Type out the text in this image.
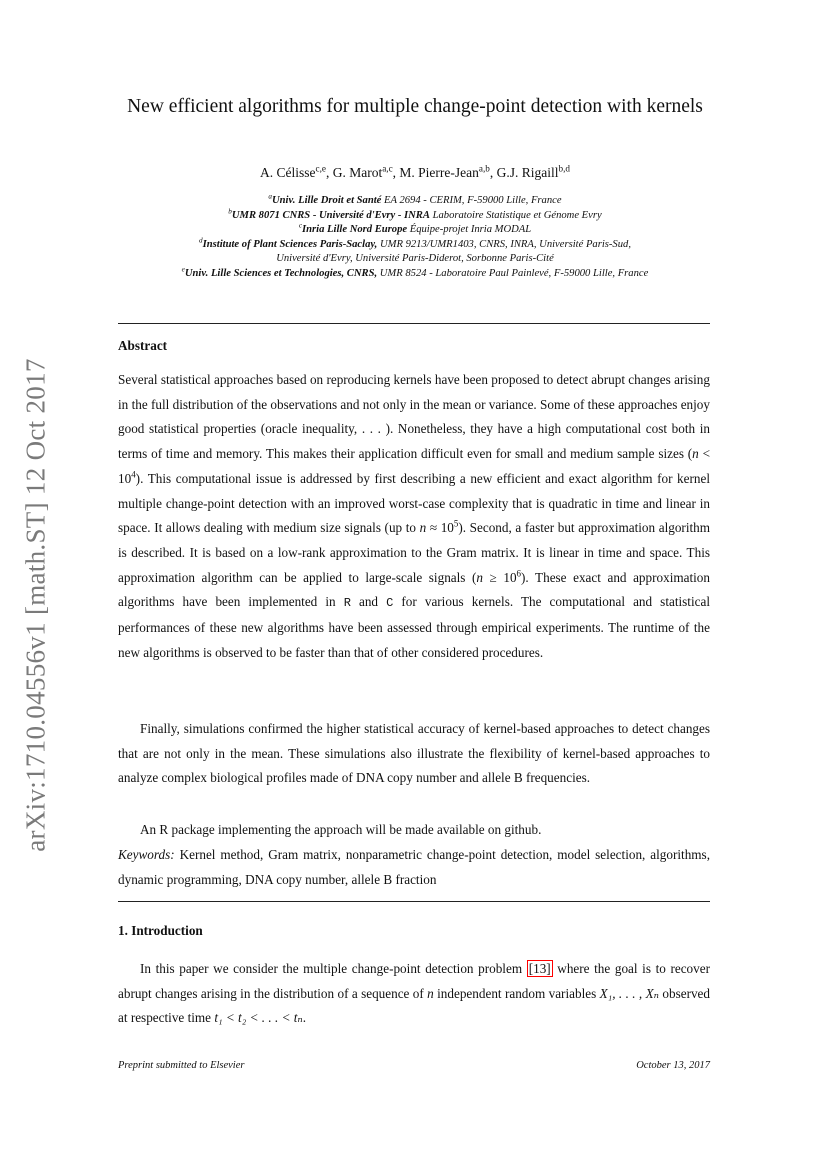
arXiv:1710.04556v1 [math.ST] 12 Oct 2017
New efficient algorithms for multiple change-point detection with kernels
A. Célisse$^{c,e}$, G. Marot$^{a,c}$, M. Pierre-Jean$^{a,b}$, G.J. Rigaill$^{b,d}$
$^a$Univ. Lille Droit et Santé EA 2694 - CERIM, F-59000 Lille, France
$^b$UMR 8071 CNRS - Université d'Evry - INRA Laboratoire Statistique et Génome Evry
$^c$Inria Lille Nord Europe Équipe-projet Inria MODAL
$^d$Institute of Plant Sciences Paris-Saclay, UMR 9213/UMR1403, CNRS, INRA, Université Paris-Sud,
Université d'Evry, Université Paris-Diderot, Sorbonne Paris-Cité
$^e$Univ. Lille Sciences et Technologies, CNRS, UMR 8524 - Laboratoire Paul Painlevé, F-59000 Lille, France
Abstract
Several statistical approaches based on reproducing kernels have been proposed to detect abrupt changes arising in the full distribution of the observations and not only in the mean or variance. Some of these approaches enjoy good statistical properties (oracle inequality, . . . ). Nonetheless, they have a high computational cost both in terms of time and memory. This makes their application difficult even for small and medium sample sizes $(n < 10^4)$. This computational issue is addressed by first describing a new efficient and exact algorithm for kernel multiple change-point detection with an improved worst-case complexity that is quadratic in time and linear in space. It allows dealing with medium size signals (up to $n \approx 10^5$). Second, a faster but approximation algorithm is described. It is based on a low-rank approximation to the Gram matrix. It is linear in time and space. This approximation algorithm can be applied to large-scale signals $(n \ge 10^6)$. These exact and approximation algorithms have been implemented in R and C for various kernels. The computational and statistical performances of these new algorithms have been assessed through empirical experiments. The runtime of the new algorithms is observed to be faster than that of other considered procedures.
Finally, simulations confirmed the higher statistical accuracy of kernel-based approaches to detect changes that are not only in the mean. These simulations also illustrate the flexibility of kernel-based approaches to analyze complex biological profiles made of DNA copy number and allele B frequencies.
An R package implementing the approach will be made available on github.
Keywords: Kernel method, Gram matrix, nonparametric change-point detection, model selection, algorithms, dynamic programming, DNA copy number, allele B fraction
1. Introduction
In this paper we consider the multiple change-point detection problem [13] where the goal is to recover abrupt changes arising in the distribution of a sequence of n independent random variables X₁, . . . , Xₙ observed at respective time t₁ < t₂ < . . . < tₙ.
Preprint submitted to Elsevier	October 13, 2017
